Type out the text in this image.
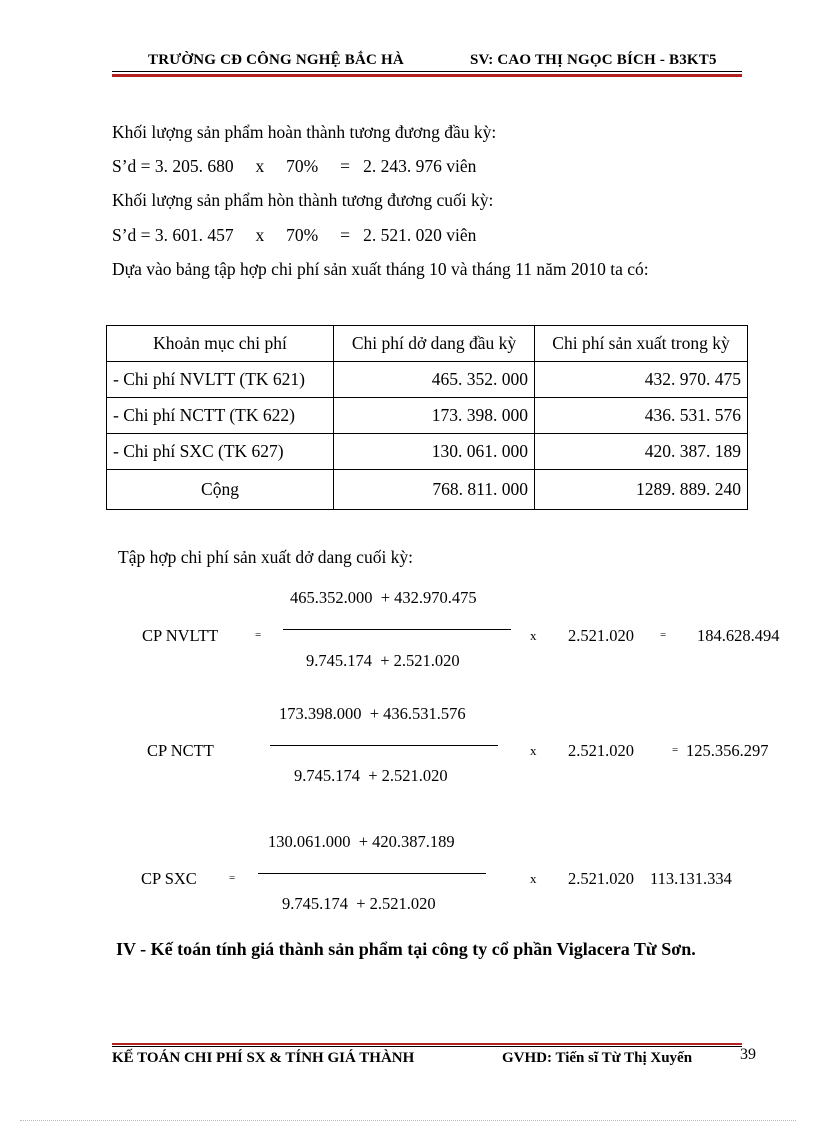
TRƯỜNG CĐ CÔNG NGHỆ BẮC HÀ	SV: CAO THỊ NGỌC BÍCH - B3KT5
Khối lượng sản phẩm hoàn thành tương đương đầu kỳ:
S’d = 3. 205. 680     x     70%     =   2. 243. 976 viên
Khối lượng sản phẩm hòn thành tương đương cuối kỳ:
S’d = 3. 601. 457     x     70%     =   2. 521. 020 viên
Dựa vào bảng tập hợp chi phí sản xuất tháng 10 và tháng 11 năm 2010 ta có:
Khoản mục chi phí	Chi phí dở dang đầu kỳ	Chi phí sản xuất trong kỳ
- Chi phí NVLTT (TK 621)	465. 352. 000	432. 970. 475
- Chi phí NCTT (TK 622)	173. 398. 000	436. 531. 576
- Chi phí SXC (TK 627)	130. 061. 000	420. 387. 189
Cộng	768. 811. 000	1289. 889. 240
Tập hợp chi phí sản xuất dở dang cuối kỳ:
465.352.000  + 432.970.475
CP NVLTT	=
9.745.174  + 2.521.020
x 2.521.020 = 184.628.494
173.398.000  + 436.531.576
CP NCTT
9.745.174  + 2.521.020
x 2.521.020	= 125.356.297
130.061.000  + 420.387.189
CP SXC	=
9.745.174  + 2.521.020
x 2.521.020 113.131.334
IV - Kế toán tính giá thành sản phẩm tại công ty cổ phần Viglacera Từ Sơn.
KẾ TOÁN CHI PHÍ SX & TÍNH GIÁ THÀNH	GVHD: Tiến sĩ Từ Thị Xuyến	39
